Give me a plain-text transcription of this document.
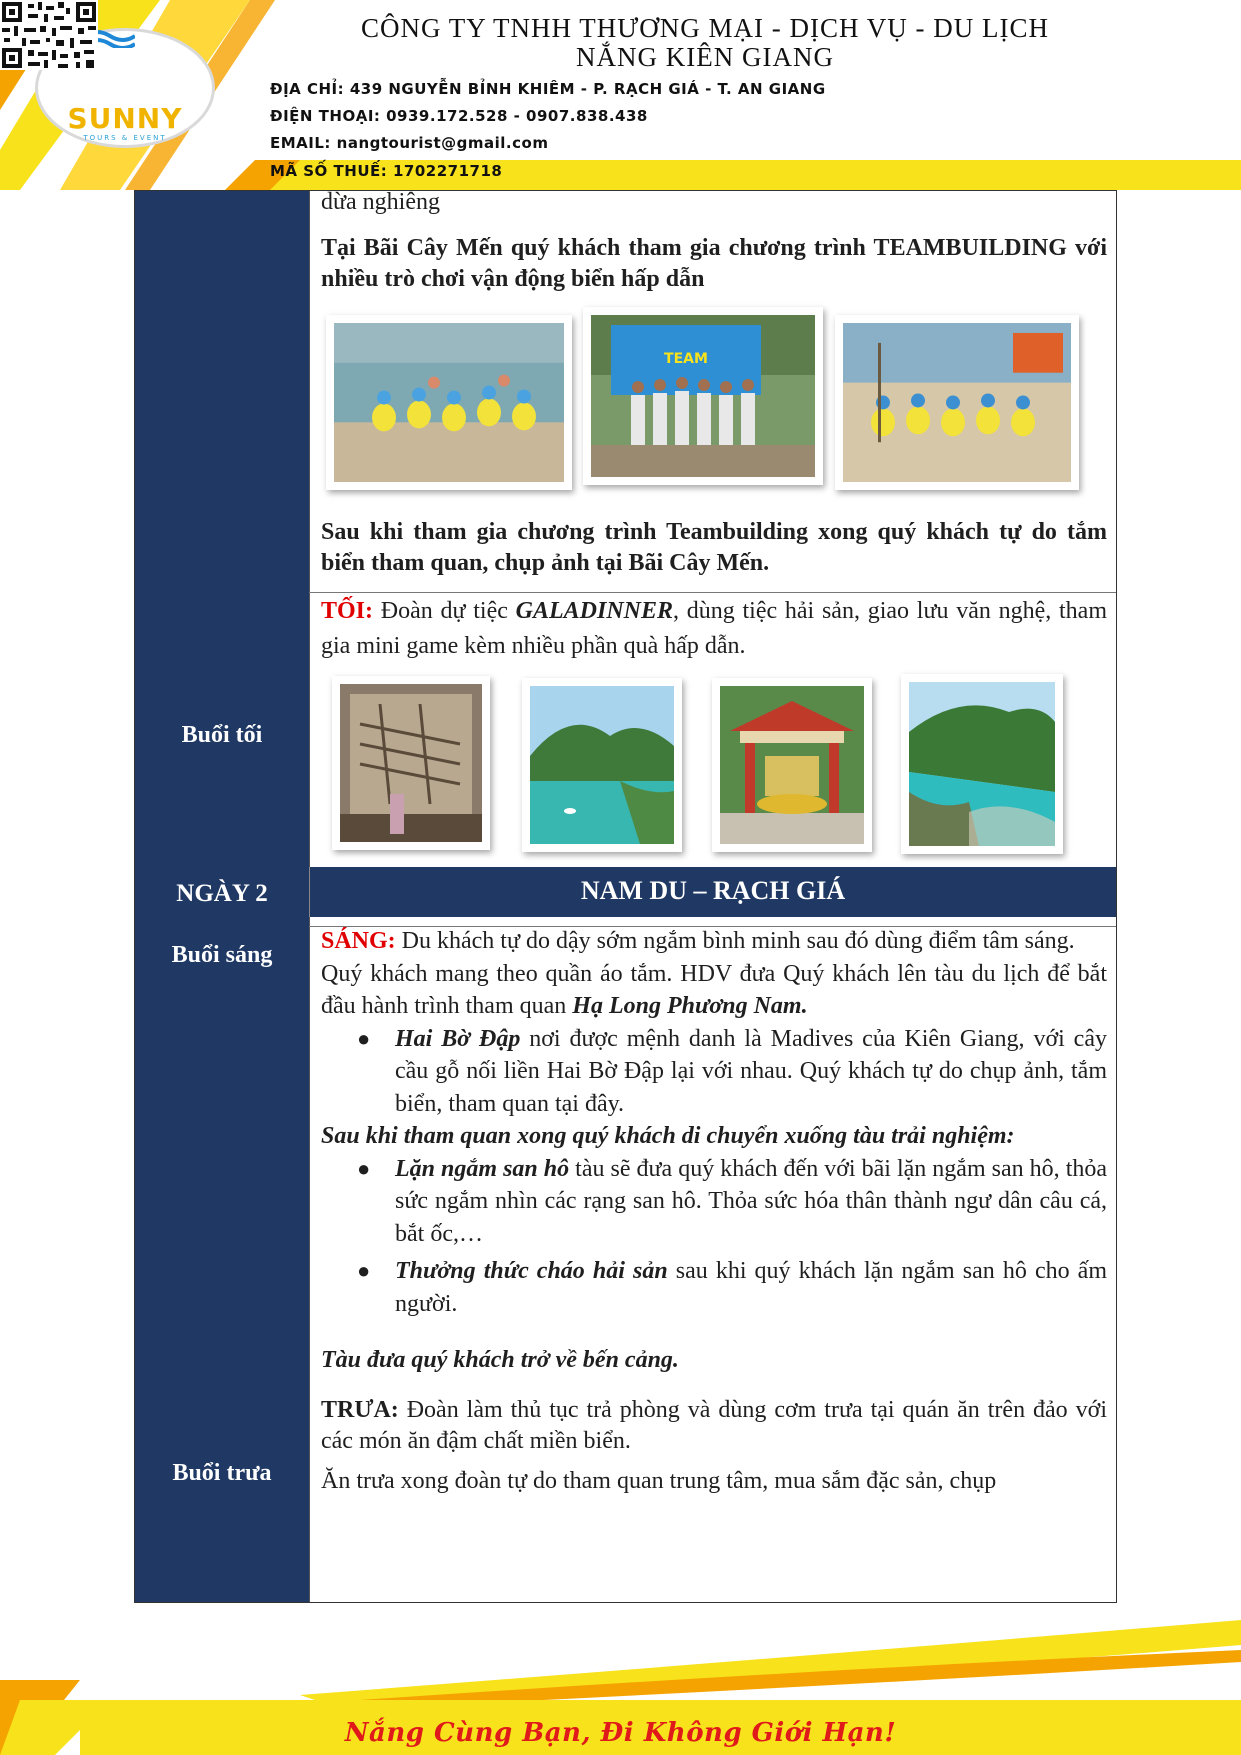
SUNNY
TOURS & EVENT
CÔNG TY TNHH THƯƠNG MẠI - DỊCH VỤ - DU LỊCH
NẮNG KIÊN GIANG
ĐỊA CHỈ: 439 NGUYỄN BỈNH KHIÊM - P. RẠCH GIÁ - T. AN GIANG
ĐIỆN THOẠI: 0939.172.528 - 0907.838.438
EMAIL: nangtourist@gmail.com
MÃ SỐ THUẾ: 1702271718
dừa nghiêng
Tại Bãi Cây Mến quý khách tham gia chương trình TEAMBUILDING với nhiều trò chơi vận động biển hấp dẫn
TEAM
Sau khi tham gia chương trình Teambuilding xong quý khách tự do tắm biển tham quan, chụp ảnh tại Bãi Cây Mến.
Buổi tối
TỐI: Đoàn dự tiệc GALADINNER, dùng tiệc hải sản, giao lưu văn nghệ, tham gia mini game kèm nhiều phần quà hấp dẫn.
NGÀY 2	NAM DU – RẠCH GIÁ
Buổi sáng
Buổi trưa
SÁNG: Du khách tự do dậy sớm ngắm bình minh sau đó dùng điểm tâm sáng.
Quý khách mang theo quần áo tắm. HDV đưa Quý khách lên tàu du lịch để bắt đầu hành trình tham quan Hạ Long Phương Nam.
● Hai Bờ Đập nơi được mệnh danh là Madives của Kiên Giang, với cây cầu gỗ nối liền Hai Bờ Đập lại với nhau. Quý khách tự do chụp ảnh, tắm biển, tham quan tại đây.
Sau khi tham quan xong quý khách di chuyển xuống tàu trải nghiệm:
● Lặn ngắm san hô tàu sẽ đưa quý khách đến với bãi lặn ngắm san hô, thỏa sức ngắm nhìn các rạng san hô. Thỏa sức hóa thân thành ngư dân câu cá, bắt ốc,…
● Thưởng thức cháo hải sản sau khi quý khách lặn ngắm san hô cho ấm người.
Tàu đưa quý khách trở về bến cảng.
TRƯA: Đoàn làm thủ tục trả phòng và dùng cơm trưa tại quán ăn trên đảo với các món ăn đậm chất miền biển.
Ăn trưa xong đoàn tự do tham quan trung tâm, mua sắm đặc sản, chụp
Nắng Cùng Bạn, Đi Không Giới Hạn!
